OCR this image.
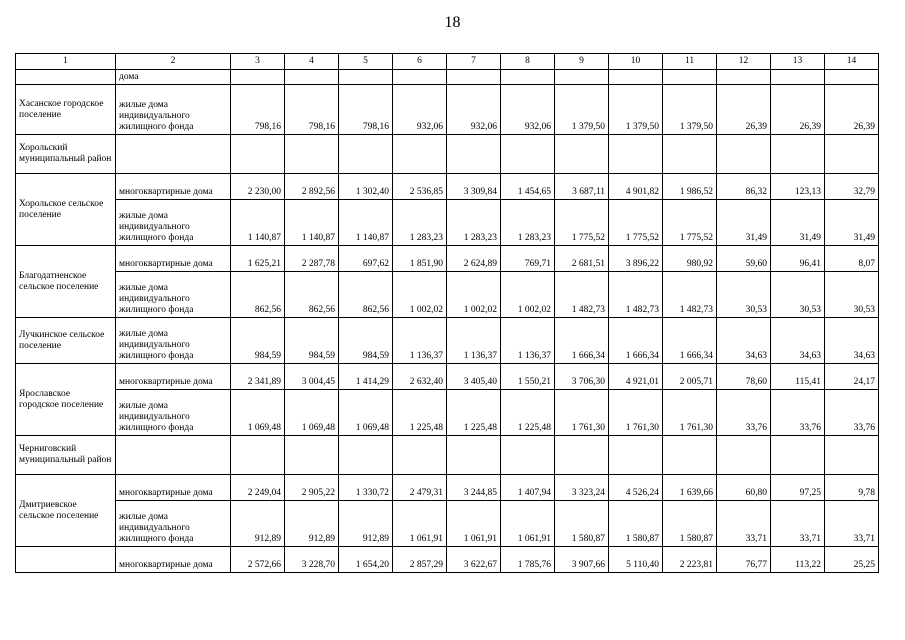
18
1	2	3	4	5	6	7	8	9	10	11	12	13	14
	дома												
Хасанское городское поселение	жилые дома индивидуального жилищного фонда	798,16	798,16	798,16	932,06	932,06	932,06	1 379,50	1 379,50	1 379,50	26,39	26,39	26,39
Хорольский муниципальный район													
Хорольское сельское поселение	многоквартирные дома	2 230,00	2 892,56	1 302,40	2 536,85	3 309,84	1 454,65	3 687,11	4 901,82	1 986,52	86,32	123,13	32,79
	жилые дома индивидуального жилищного фонда	1 140,87	1 140,87	1 140,87	1 283,23	1 283,23	1 283,23	1 775,52	1 775,52	1 775,52	31,49	31,49	31,49
Благодатненское сельское поселение	многоквартирные дома	1 625,21	2 287,78	697,62	1 851,90	2 624,89	769,71	2 681,51	3 896,22	980,92	59,60	96,41	8,07
	жилые дома индивидуального жилищного фонда	862,56	862,56	862,56	1 002,02	1 002,02	1 002,02	1 482,73	1 482,73	1 482,73	30,53	30,53	30,53
Лучкинское сельское поселение	жилые дома индивидуального жилищного фонда	984,59	984,59	984,59	1 136,37	1 136,37	1 136,37	1 666,34	1 666,34	1 666,34	34,63	34,63	34,63
Ярославское городское поселение	многоквартирные дома	2 341,89	3 004,45	1 414,29	2 632,40	3 405,40	1 550,21	3 706,30	4 921,01	2 005,71	78,60	115,41	24,17
	жилые дома индивидуального жилищного фонда	1 069,48	1 069,48	1 069,48	1 225,48	1 225,48	1 225,48	1 761,30	1 761,30	1 761,30	33,76	33,76	33,76
Черниговский муниципальный район													
Дмитриевское сельское поселение	многоквартирные дома	2 249,04	2 905,22	1 330,72	2 479,31	3 244,85	1 407,94	3 323,24	4 526,24	1 639,66	60,80	97,25	9,78
	жилые дома индивидуального жилищного фонда	912,89	912,89	912,89	1 061,91	1 061,91	1 061,91	1 580,87	1 580,87	1 580,87	33,71	33,71	33,71
	многоквартирные дома	2 572,66	3 228,70	1 654,20	2 857,29	3 622,67	1 785,76	3 907,66	5 110,40	2 223,81	76,77	113,22	25,25
